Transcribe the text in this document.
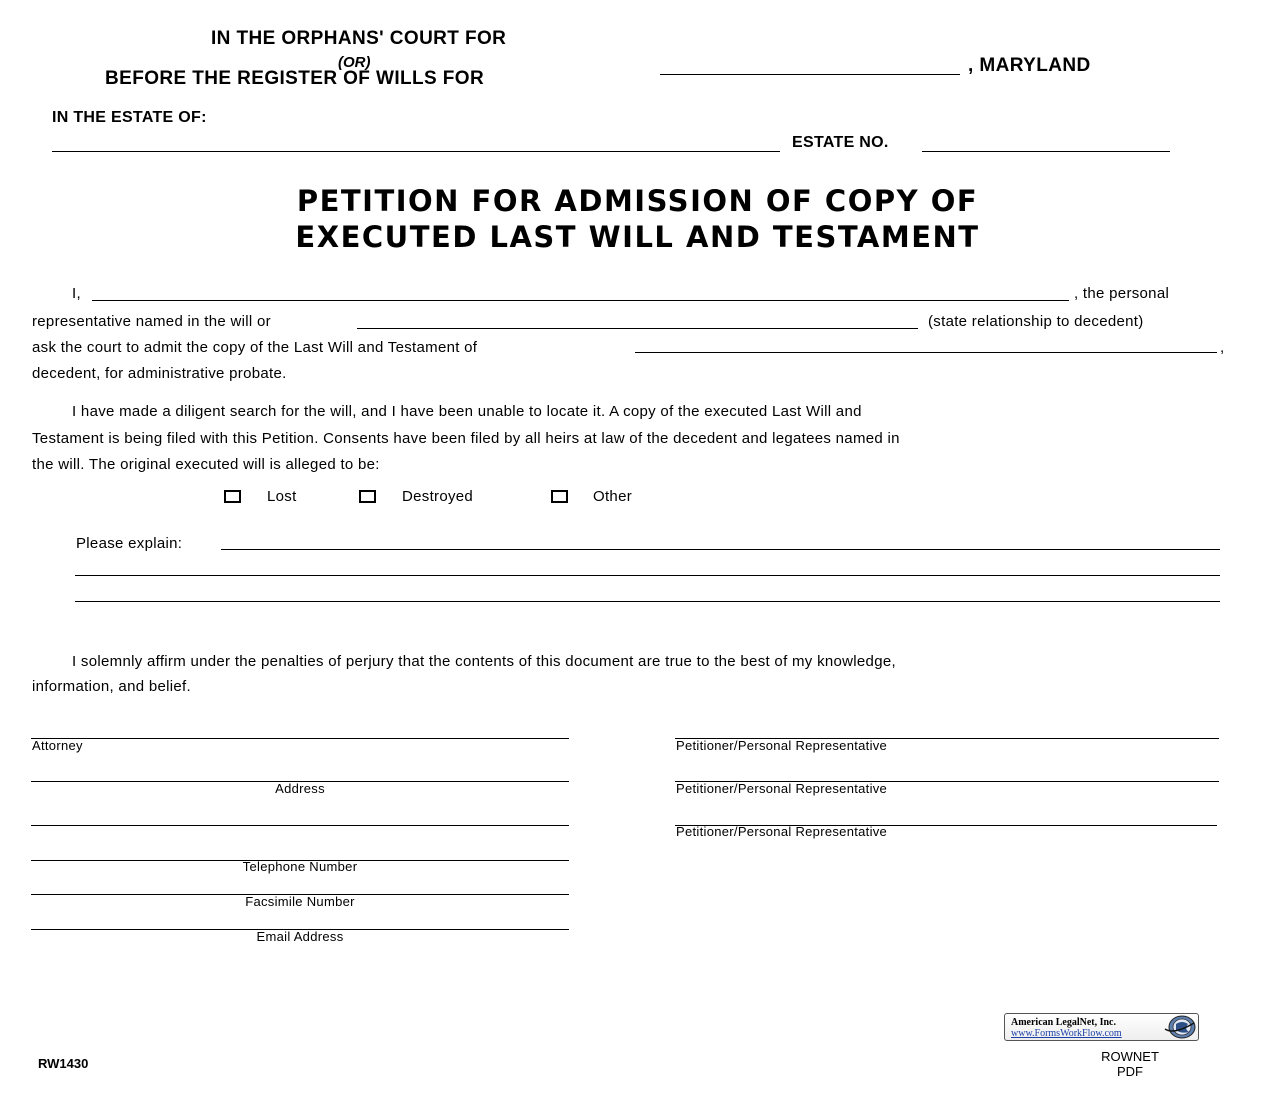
IN THE ORPHANS' COURT FOR
(OR)
BEFORE THE REGISTER OF WILLS FOR
, MARYLAND
IN THE ESTATE OF:
ESTATE NO.
PETITION FOR ADMISSION OF COPY OF
EXECUTED LAST WILL AND TESTAMENT
I,	, the personal
representative named in the will or	(state relationship to decedent)
ask the court to admit the copy of the Last Will and Testament of	,
decedent, for administrative probate.
I have made a diligent search for the will, and I have been unable to locate it. A copy of the executed Last Will and
Testament is being filed with this Petition. Consents have been filed by all heirs at law of the decedent and legatees named in
the will. The original executed will is alleged to be:
Lost	Destroyed	Other
Please explain:
I solemnly affirm under the penalties of perjury that the contents of this document are true to the best of my knowledge,
information, and belief.
Attorney
Address
Telephone Number
Facsimile Number
Email Address
Petitioner/Personal Representative
Petitioner/Personal Representative
Petitioner/Personal Representative
RW1430
American LegalNet, Inc.
www.FormsWorkFlow.com
ROWNET
PDF
